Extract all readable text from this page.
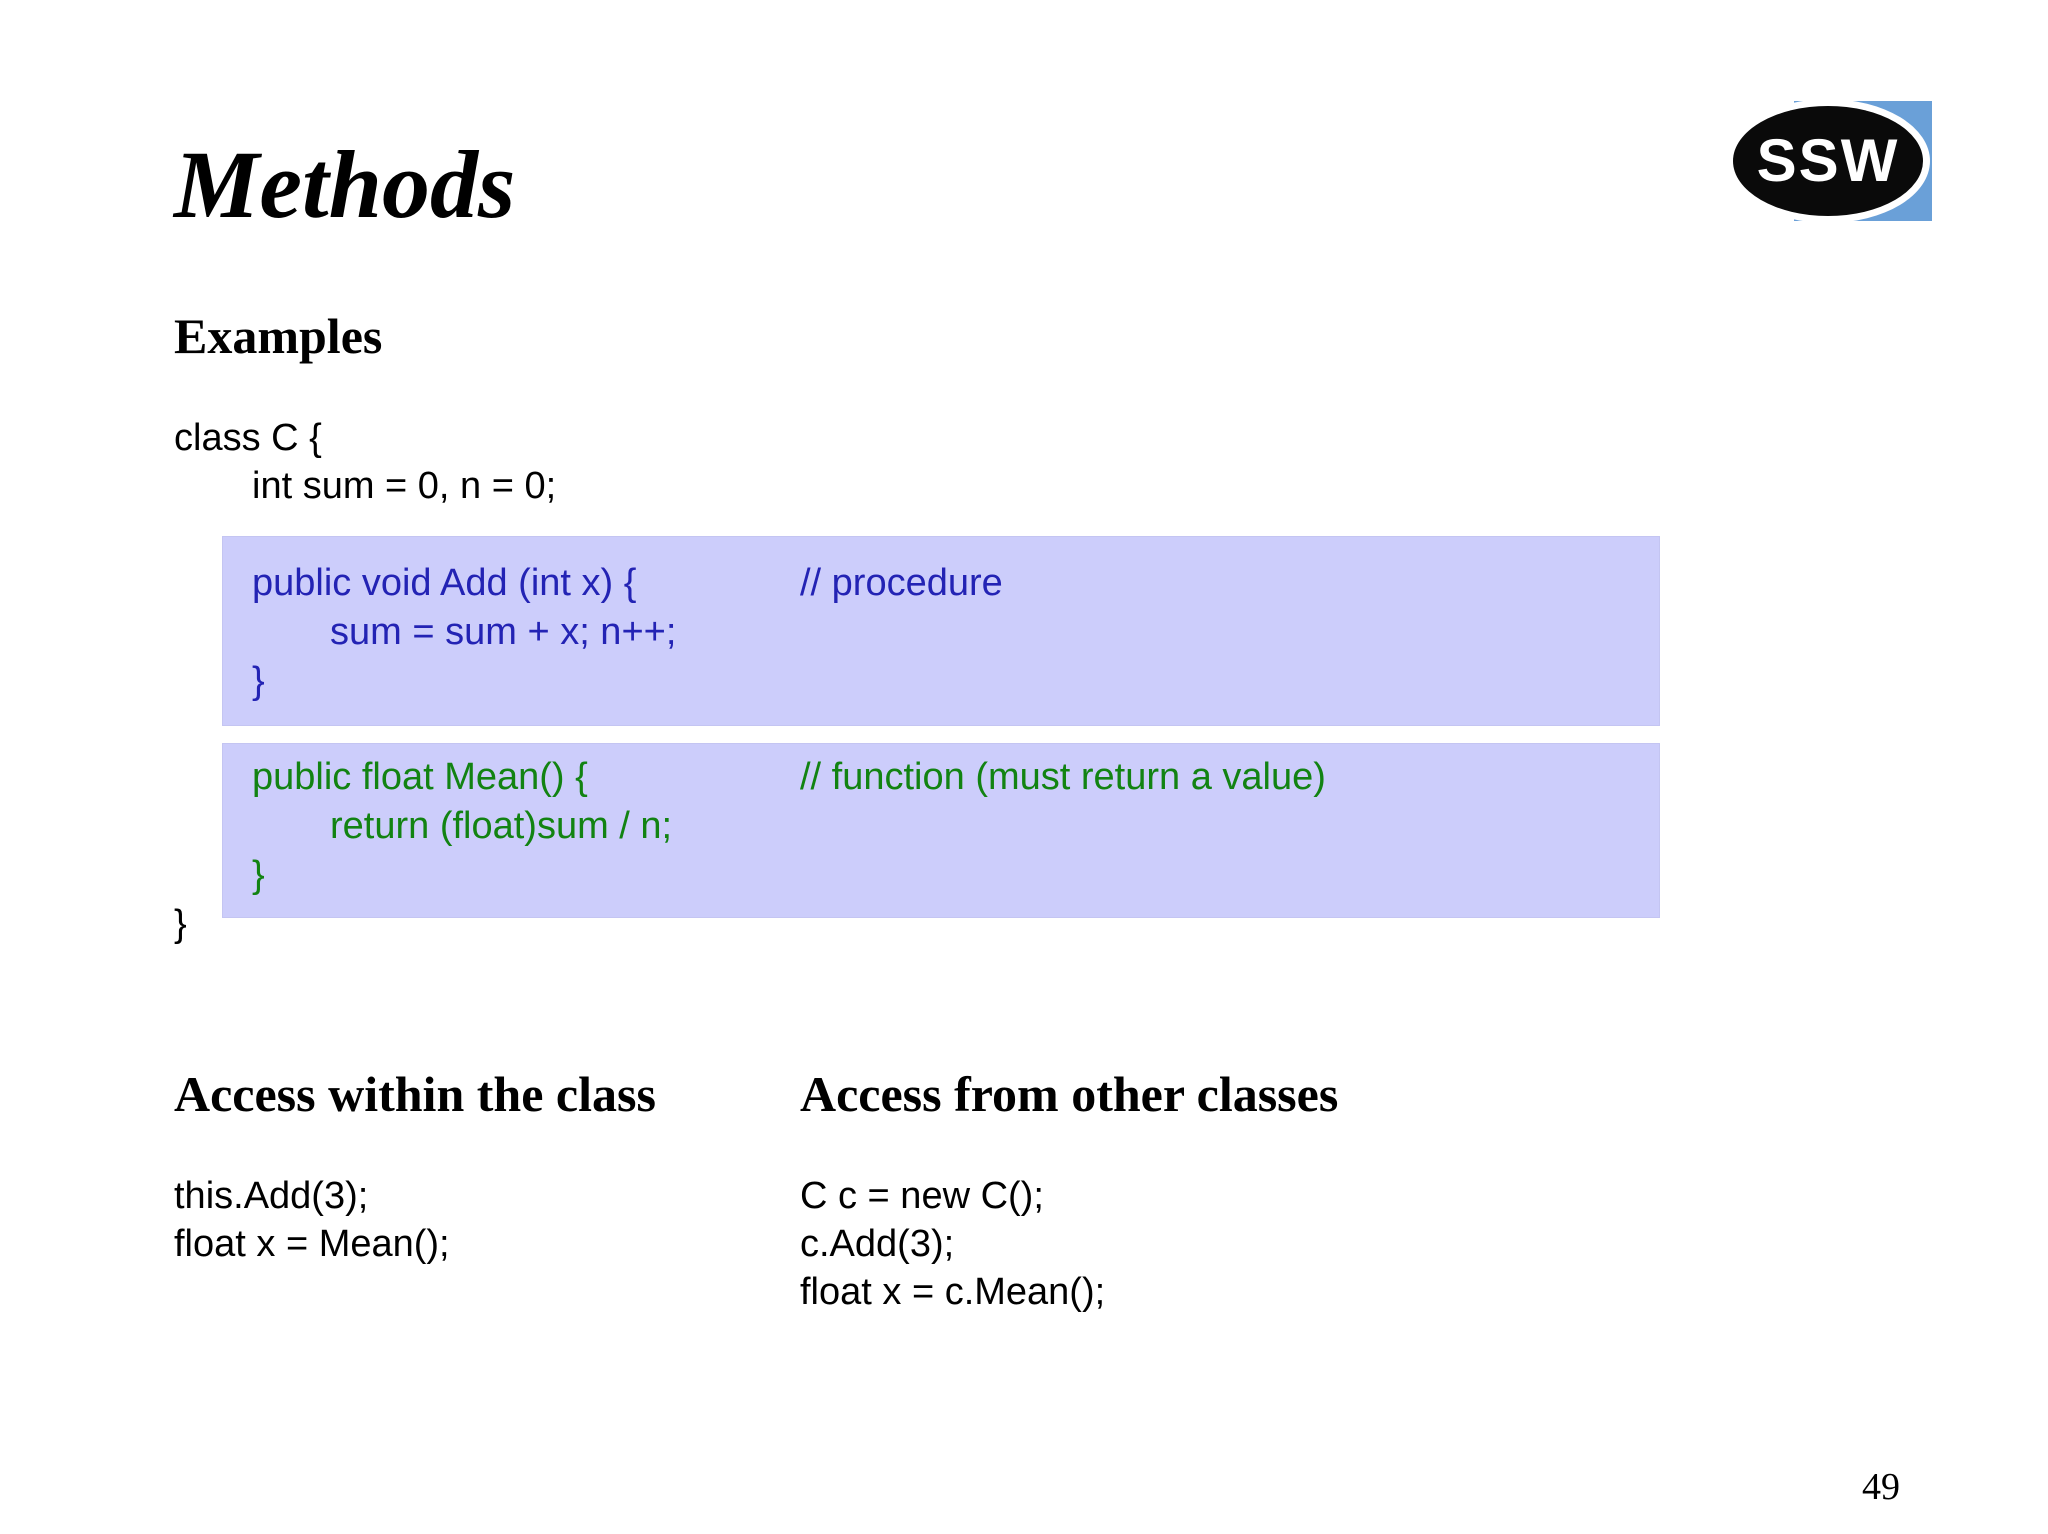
Methods	SSW
Examples
class C {
int sum = 0, n = 0;
public void Add (int x) {
sum = sum + x; n++;
}
// procedure
public float Mean() {
return (float)sum / n;
}
// function (must return a value)
}
Access within the class
this.Add(3);
float x = Mean();
Access from other classes
C c = new C();
c.Add(3);
float x = c.Mean();
49
